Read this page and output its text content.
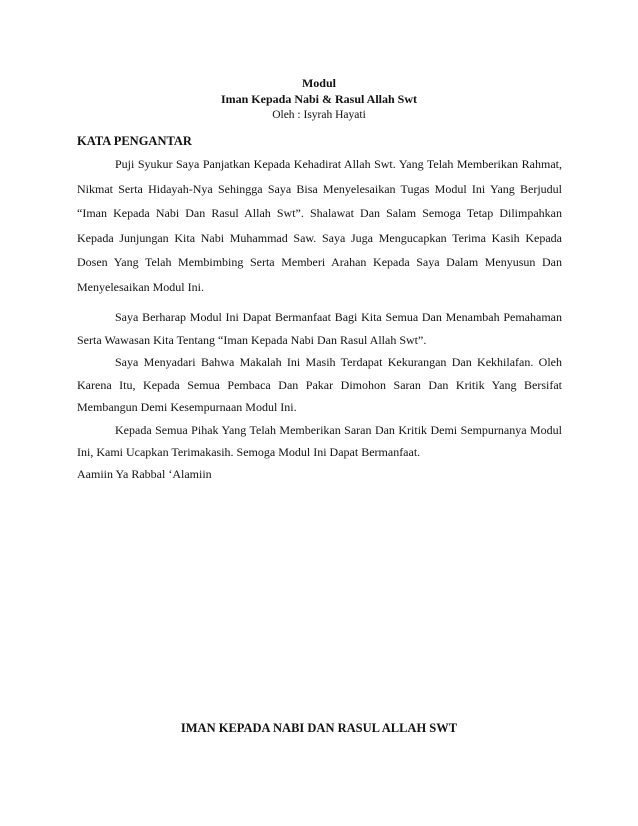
Modul
Iman Kepada Nabi & Rasul Allah Swt
Oleh : Isyrah Hayati
KATA PENGANTAR

Puji Syukur Saya Panjatkan Kepada Kehadirat Allah Swt. Yang Telah Memberikan Rahmat, Nikmat Serta Hidayah-Nya Sehingga Saya Bisa Menyelesaikan Tugas Modul Ini Yang Berjudul “Iman Kepada Nabi Dan Rasul Allah Swt”. Shalawat Dan Salam Semoga Tetap Dilimpahkan Kepada Junjungan Kita Nabi Muhammad Saw. Saya Juga Mengucapkan Terima Kasih Kepada Dosen Yang Telah Membimbing Serta Memberi Arahan Kepada Saya Dalam Menyusun Dan Menyelesaikan Modul Ini.

Saya Berharap Modul Ini Dapat Bermanfaat Bagi Kita Semua Dan Menambah Pemahaman Serta Wawasan Kita Tentang “Iman Kepada Nabi Dan Rasul Allah Swt”.

Saya Menyadari Bahwa Makalah Ini Masih Terdapat Kekurangan Dan Kekhilafan. Oleh Karena Itu, Kepada Semua Pembaca Dan Pakar Dimohon Saran Dan Kritik Yang Bersifat Membangun Demi Kesempurnaan Modul Ini.

Kepada Semua Pihak Yang Telah Memberikan Saran Dan Kritik Demi Sempurnanya Modul Ini, Kami Ucapkan Terimakasih. Semoga Modul Ini Dapat Bermanfaat.

Aamiin Ya Rabbal ‘Alamiin

IMAN KEPADA NABI DAN RASUL ALLAH SWT
